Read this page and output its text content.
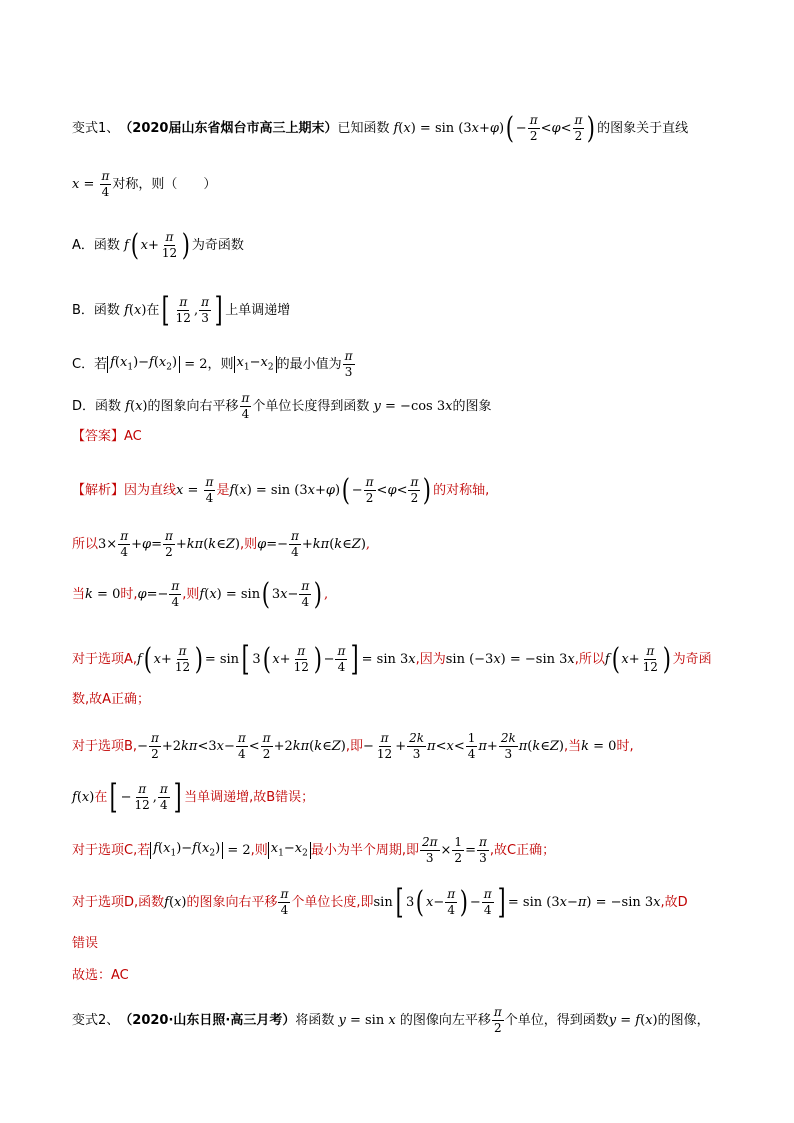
变式1、 （2020届山东省烟台市高三上期末） 已知函数 f ( x ) = sin (3 x + φ ) ( − $\frac{\pi}{2} < \varphi < \frac{\pi}{2}$ ) 的图象关于直线
$x = \frac{\pi}{4}$ 对称，则（　　）
A． 函数 f ( $x + \frac{\pi}{12}$ ) 为奇函数
B． 函数 f ( x ) 在 [ $\frac{\pi}{12}$ , $\frac{\pi}{3}$ ] 上单调递增
C． 若 $f(x_1)-f(x_2) = 2$ ，则 $x_1-x_2$ 的最小值为 $\frac{\pi}{3}$
D． 函数 f ( x ) 的图象向右平移 $\frac{\pi}{4}$ 个单位长度得到函数 y = −cos 3 x 的图象
【答案】 AC
【解析】 因为直线 $x = \frac{\pi}{4}$ 是 f ( x ) = sin (3 x + φ ) ( − $\frac{\pi}{2} < \varphi < \frac{\pi}{2}$ ) 的对称轴,
所以 $3\times \frac{\pi}{4} + \varphi = \frac{\pi}{2} + k\pi$ ( k ∈ Z ) ,则 $\varphi =- \frac{\pi}{4} + k\pi$ ( k ∈ Z ) ,
当 k = 0 时, $\varphi =- \frac{\pi}{4}$ ,则 f ( x ) = sin ( 3 $x - \frac{\pi}{4}$ ) ,
对于选项A, f ( $x + \frac{\pi}{12}$ ) = sin [ 3 ( $x + \frac{\pi}{12}$ ) − $\frac{\pi}{4}$ ] = sin 3 x ,因为 sin (−3 x ) = −sin 3 x ,所以 f ( $x + \frac{\pi}{12}$ ) 为奇函
数,故A正确；
对于选项B, − $\frac{\pi}{2} +2$ kπ <3 $x - \frac{\pi}{4} < \frac{\pi}{2} +2$ kπ ( k ∈ Z ) ,即 − $\frac{\pi}{12} + \frac{2k}{3}$ $\pi < x < \frac{1}{4}$ $\pi + \frac{2k}{3}$ π ( k ∈ Z ) ,当 k = 0 时,
f ( x ) 在 [ − $\frac{\pi}{12}$ , $\frac{\pi}{4}$ ] 当单调递增,故B错误；
对于选项C,若 $f(x_1)-f(x_2) = 2$ ,则 $x_1-x_2$ 最小为半个周期,即 $\frac{2\pi}{3} \times \frac{1}{2} = \frac{\pi}{3}$ ,故C正确；
对于选项D,函数 f ( x ) 的图象向右平移 $\frac{\pi}{4}$ 个单位长度,即 sin [ 3 ( $x - \frac{\pi}{4}$ ) − $\frac{\pi}{4}$ ] = sin (3 x − π ) = −sin 3 x ,故D
错误
故选：AC
变式2、 （2020·山东日照·高三月考） 将函数 y = sin x 的图像向左平移 $\frac{\pi}{2}$ 个单位，得到函数 y = f ( x ) 的图像，
